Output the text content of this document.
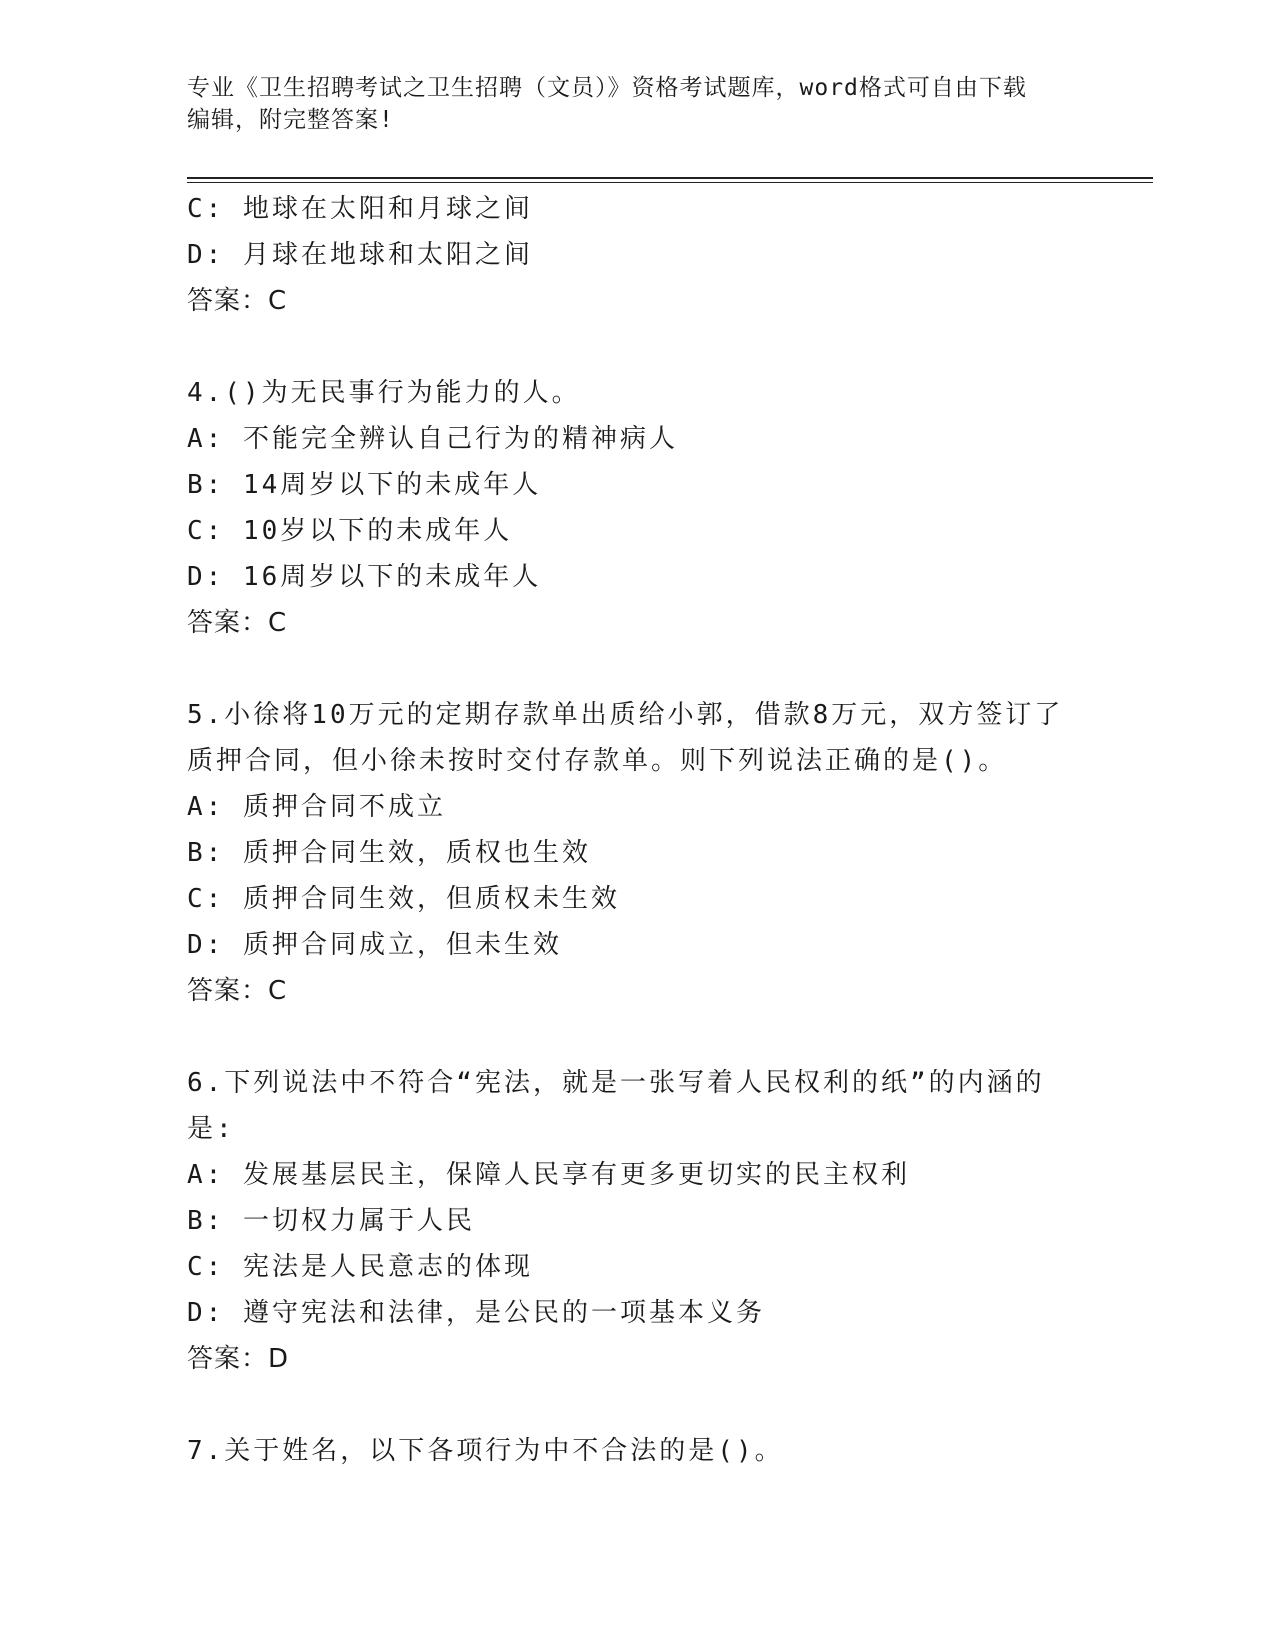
专业《卫生招聘考试之卫生招聘（文员）》资格考试题库，word格式可自由下载
编辑，附完整答案!
C: 地球在太阳和月球之间
D: 月球在地球和太阳之间
答案：C
4.()为无民事行为能力的人。
A: 不能完全辨认自己行为的精神病人
B: 14周岁以下的未成年人
C: 10岁以下的未成年人
D: 16周岁以下的未成年人
答案：C
5.小徐将10万元的定期存款单出质给小郭，借款8万元，双方签订了
质押合同，但小徐未按时交付存款单。则下列说法正确的是()。
A: 质押合同不成立
B: 质押合同生效，质权也生效
C: 质押合同生效，但质权未生效
D: 质押合同成立，但未生效
答案：C
6.下列说法中不符合“宪法，就是一张写着人民权利的纸”的内涵的
是:
A: 发展基层民主，保障人民享有更多更切实的民主权利
B: 一切权力属于人民
C: 宪法是人民意志的体现
D: 遵守宪法和法律，是公民的一项基本义务
答案：D
7.关于姓名，以下各项行为中不合法的是()。
